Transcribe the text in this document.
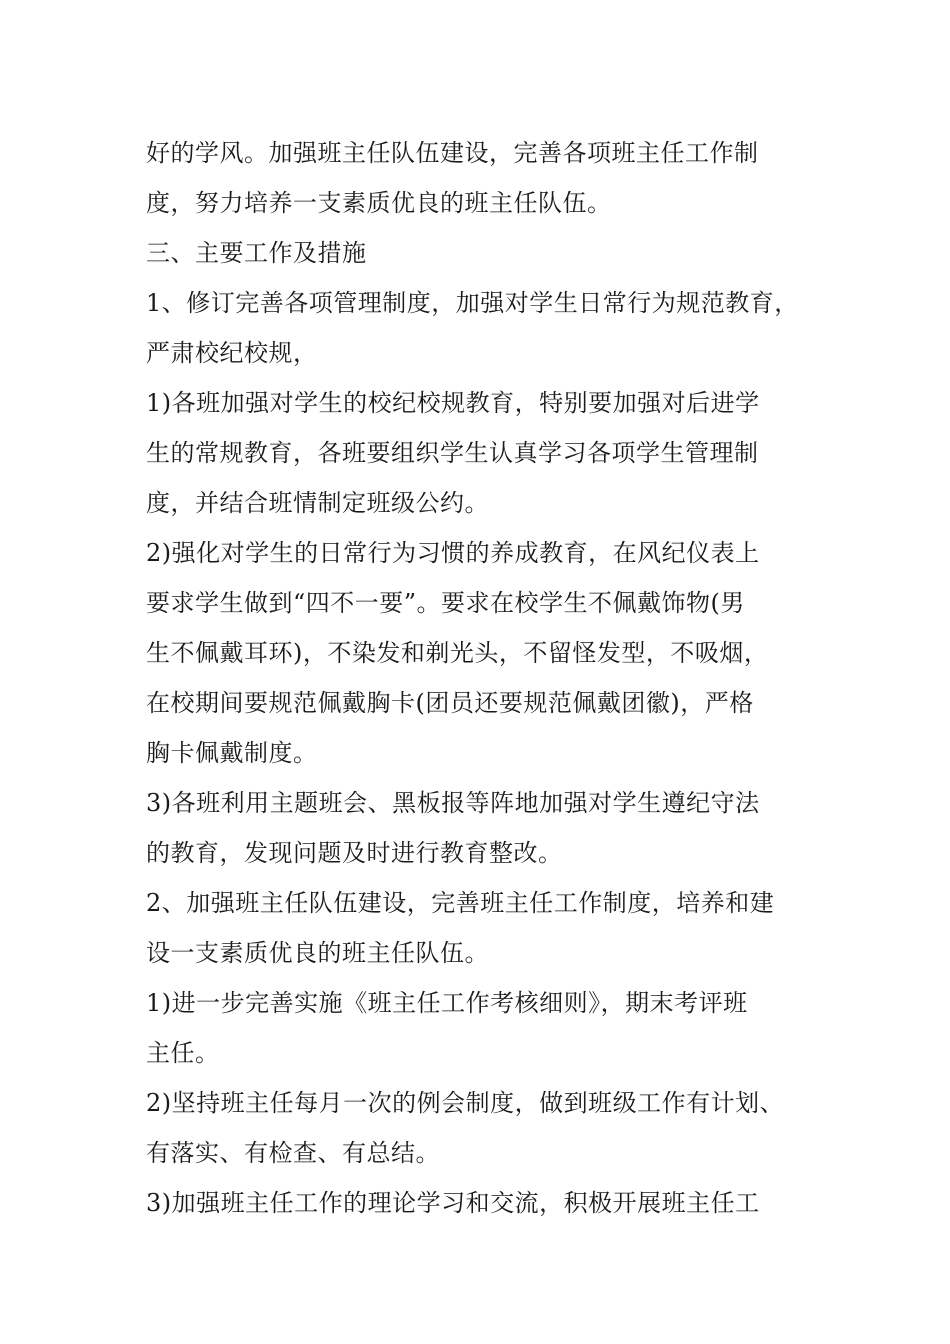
好的学风。加强班主任队伍建设，完善各项班主任工作制
度，努力培养一支素质优良的班主任队伍。
三、主要工作及措施
1、修订完善各项管理制度，加强对学生日常行为规范教育，
严肃校纪校规，
1)各班加强对学生的校纪校规教育，特别要加强对后进学
生的常规教育，各班要组织学生认真学习各项学生管理制
度，并结合班情制定班级公约。
2)强化对学生的日常行为习惯的养成教育，在风纪仪表上
要求学生做到“四不一要”。要求在校学生不佩戴饰物(男
生不佩戴耳环)，不染发和剃光头，不留怪发型，不吸烟，
在校期间要规范佩戴胸卡(团员还要规范佩戴团徽)，严格
胸卡佩戴制度。
3)各班利用主题班会、黑板报等阵地加强对学生遵纪守法
的教育，发现问题及时进行教育整改。
2、加强班主任队伍建设，完善班主任工作制度，培养和建
设一支素质优良的班主任队伍。
1)进一步完善实施《班主任工作考核细则》，期末考评班
主任。
2)坚持班主任每月一次的例会制度，做到班级工作有计划、
有落实、有检查、有总结。
3)加强班主任工作的理论学习和交流，积极开展班主任工
